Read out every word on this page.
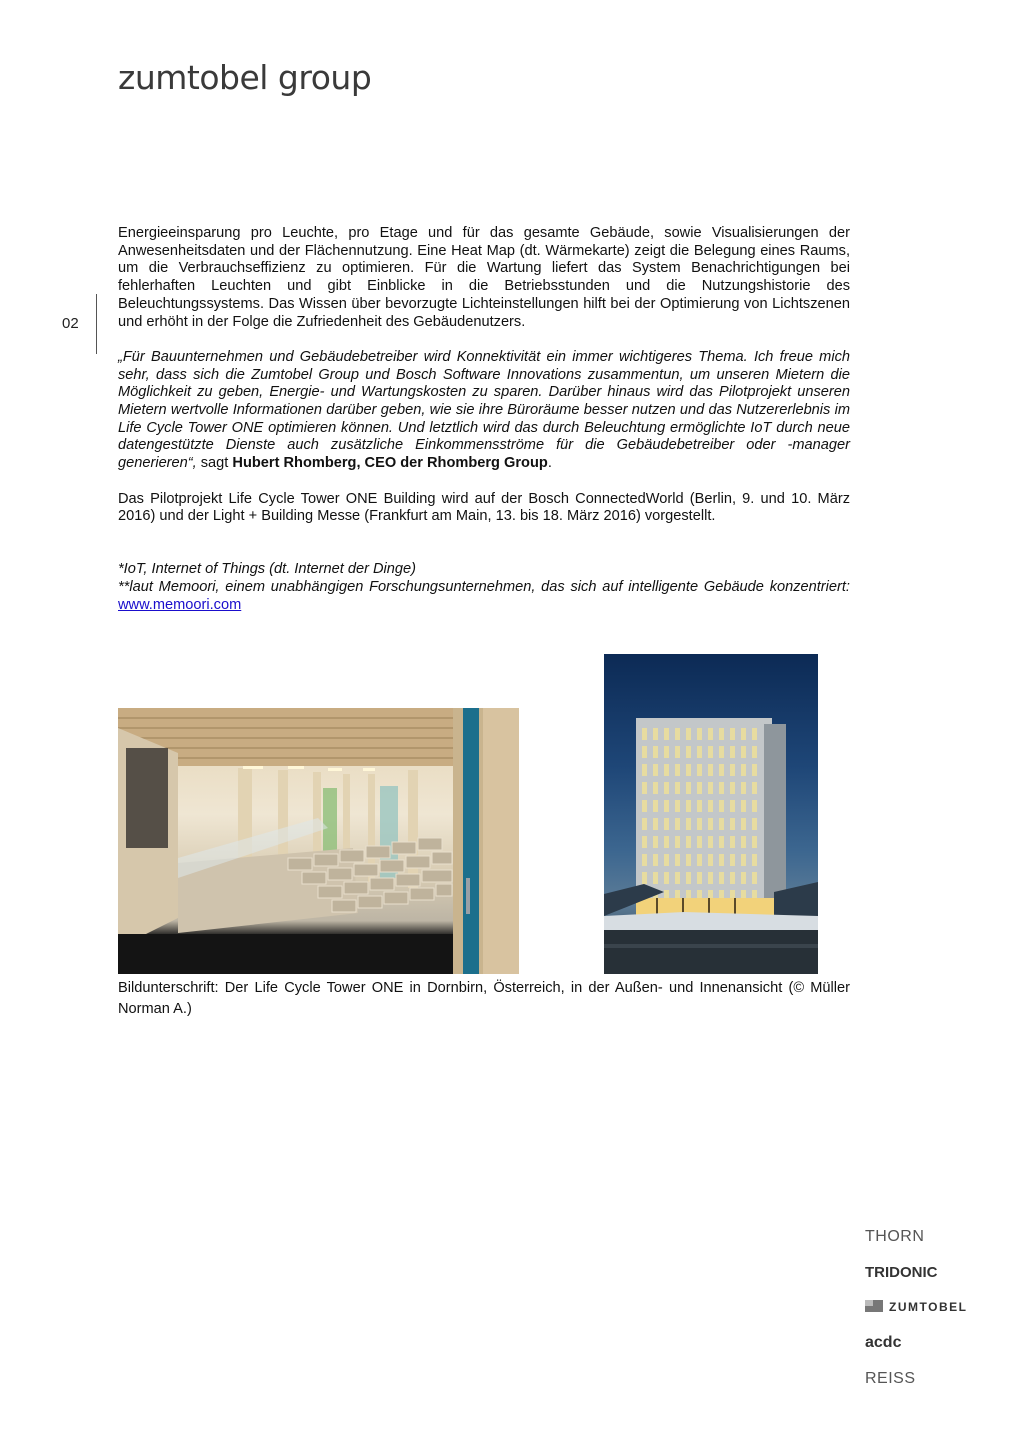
zumtobel group
02

Energieeinsparung pro Leuchte, pro Etage und für das gesamte Gebäude, sowie Visualisierungen der Anwesenheitsdaten und der Flächennutzung. Eine Heat Map (dt. Wärmekarte) zeigt die Belegung eines Raums, um die Verbrauchseffizienz zu optimieren. Für die Wartung liefert das System Benachrichtigungen bei fehlerhaften Leuchten und gibt Einblicke in die Betriebsstunden und die Nutzungshistorie des Beleuchtungssystems. Das Wissen über bevorzugte Lichteinstellungen hilft bei der Optimierung von Lichtszenen und erhöht in der Folge die Zufriedenheit des Gebäudenutzers.

„Für Bauunternehmen und Gebäudebetreiber wird Konnektivität ein immer wichtigeres Thema. Ich freue mich sehr, dass sich die Zumtobel Group und Bosch Software Innovations zusammentun, um unseren Mietern die Möglichkeit zu geben, Energie- und Wartungskosten zu sparen. Darüber hinaus wird das Pilotprojekt unseren Mietern wertvolle Informationen darüber geben, wie sie ihre Büroräume besser nutzen und das Nutzererlebnis im Life Cycle Tower ONE optimieren können. Und letztlich wird das durch Beleuchtung ermöglichte IoT durch neue datengestützte Dienste auch zusätzliche Einkommensströme für die Gebäudebetreiber oder -manager generieren“, sagt Hubert Rhomberg, CEO der Rhomberg Group.

Das Pilotprojekt Life Cycle Tower ONE Building wird auf der Bosch ConnectedWorld (Berlin, 9. und 10. März 2016) und der Light + Building Messe (Frankfurt am Main, 13. bis 18. März 2016) vorgestellt.

*IoT, Internet of Things (dt. Internet der Dinge)

**laut Memoori, einem unabhängigen Forschungsunternehmen, das sich auf intelligente Gebäude konzentriert: www.memoori.com

Bildunterschrift: Der Life Cycle Tower ONE in Dornbirn, Österreich, in der Außen- und Innenansicht (© Müller Norman A.)
THORN
TRIDONIC
ZUMTOBEL
acdc
REISS
